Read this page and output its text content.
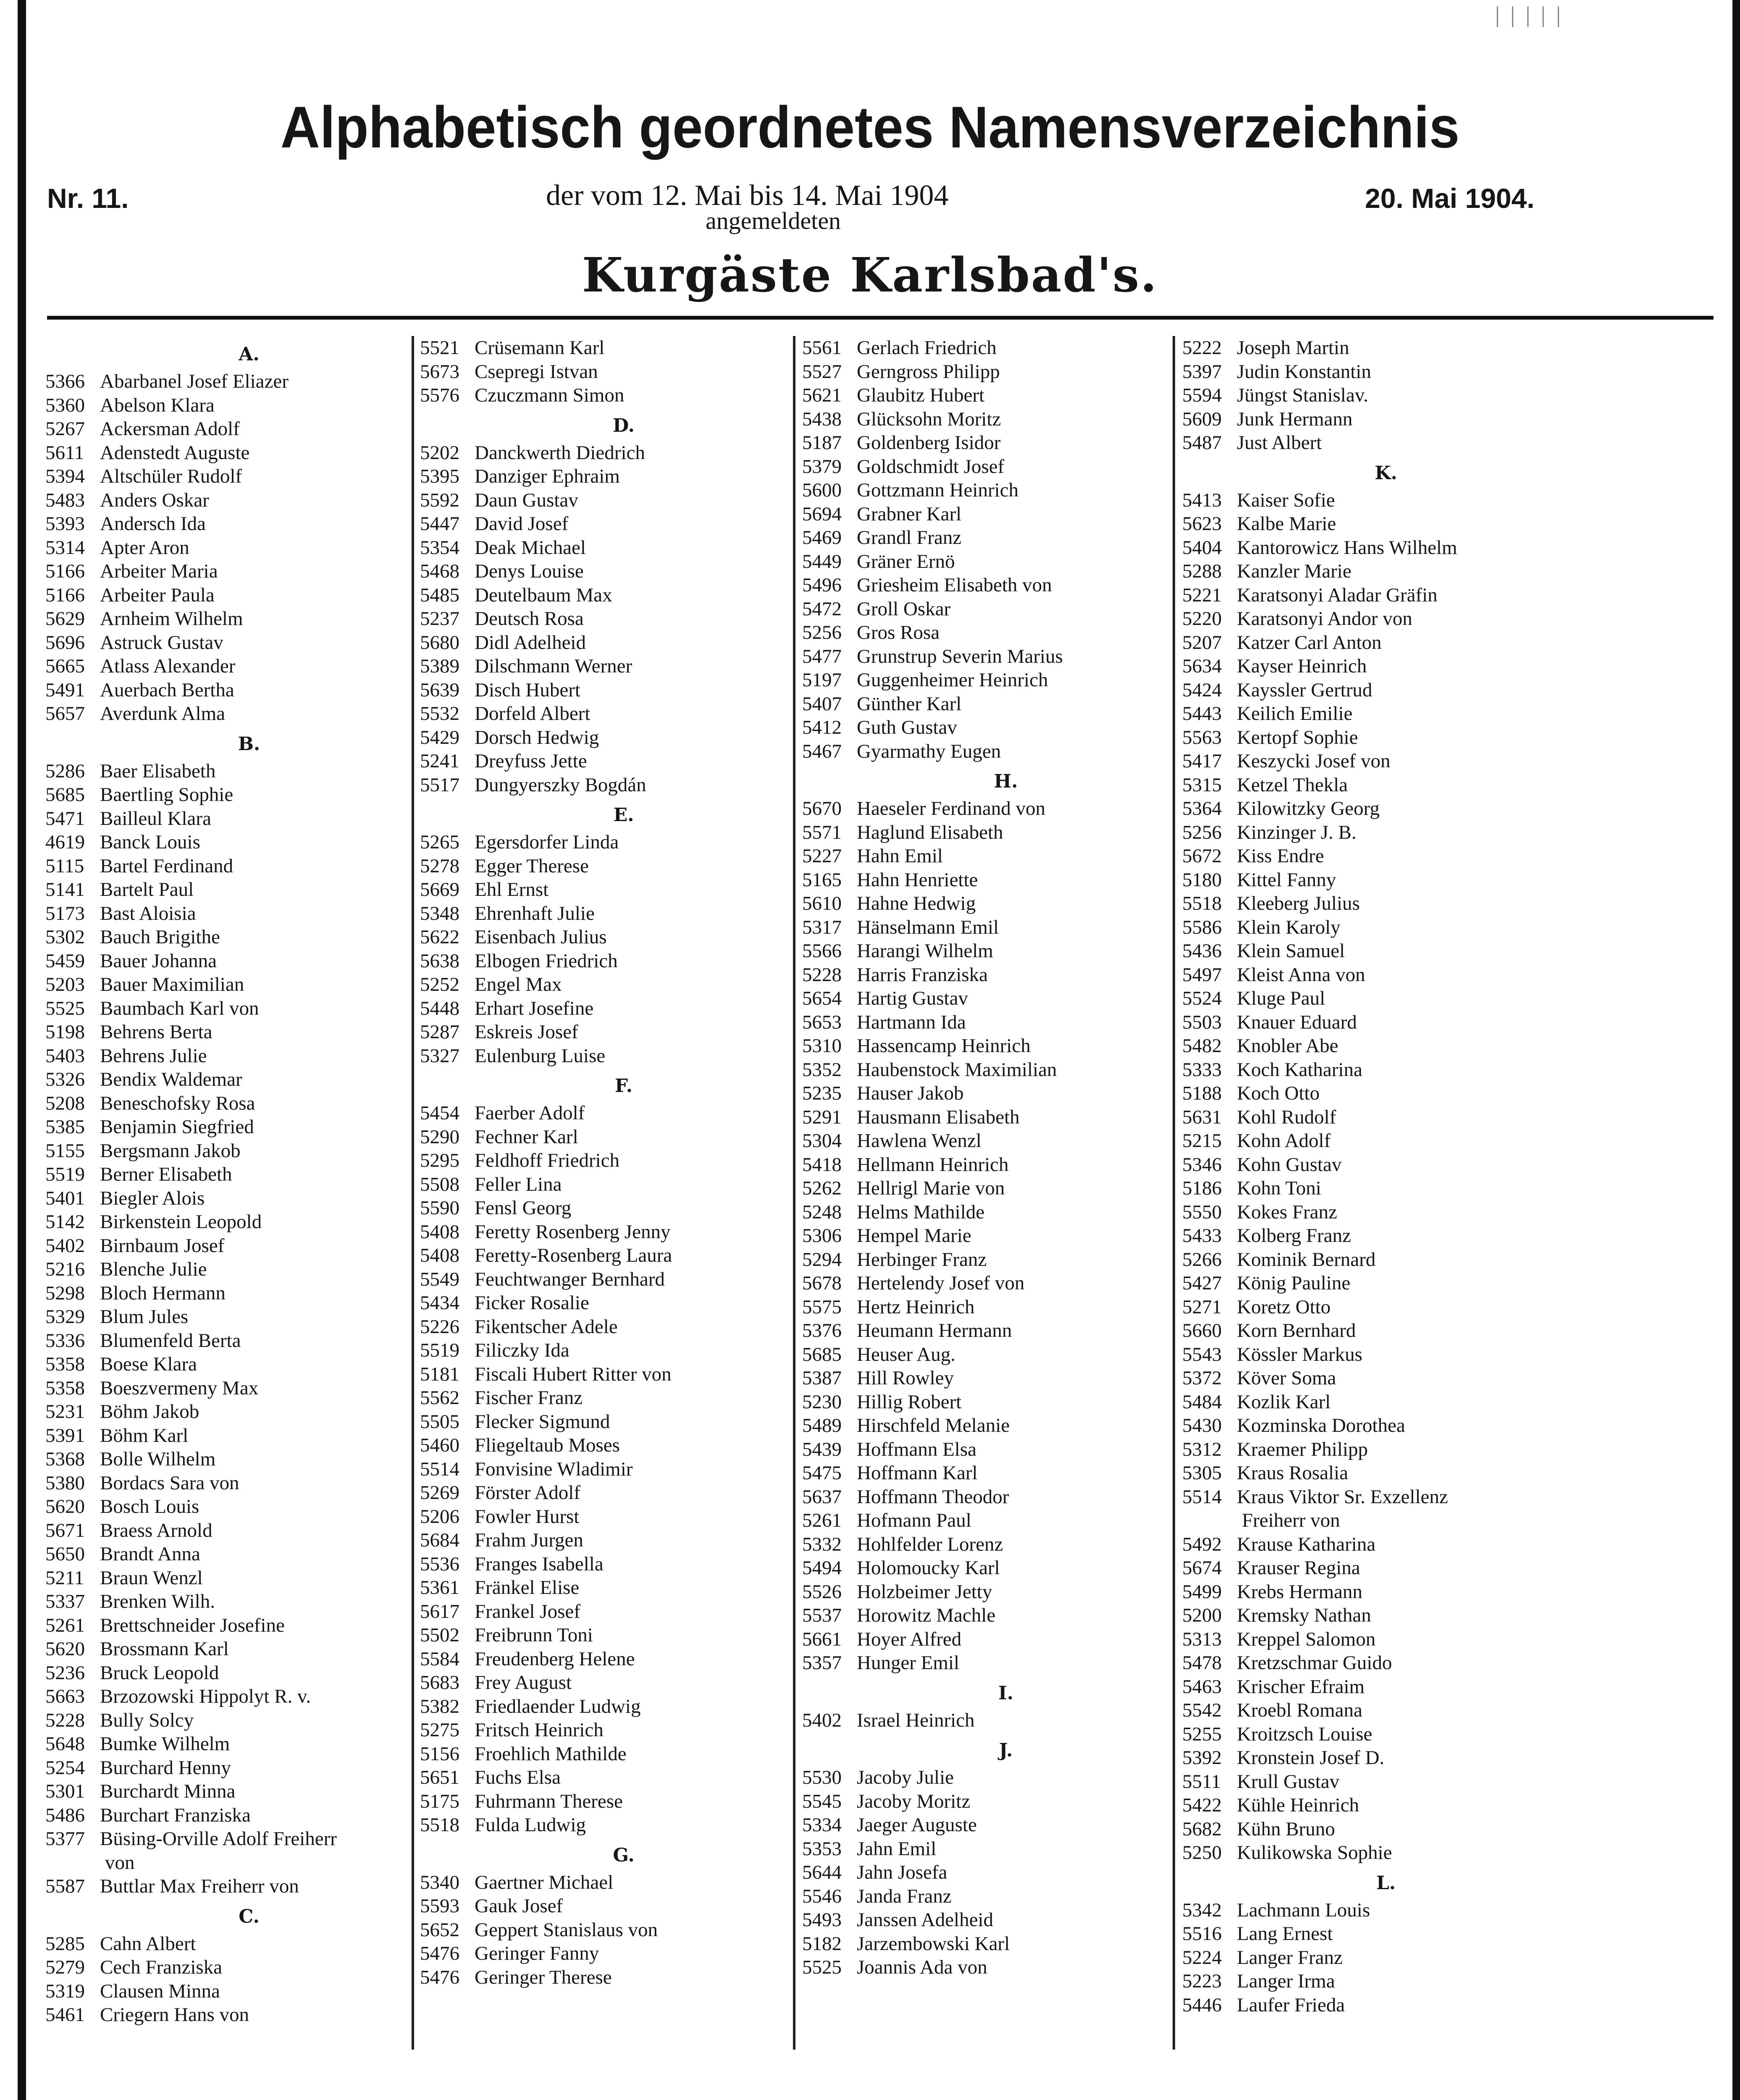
| | | | |
Alphabetisch geordnetes Namensverzeichnis
Nr. 11.	der vom 12. Mai bis 14. Mai 1904
angemeldeten
20. Mai 1904.
Kurgäste Karlsbad's.
A.
5366 Abarbanel Josef Eliazer
5360 Abelson Klara
5267 Ackersman Adolf
5611 Adenstedt Auguste
5394 Altschüler Rudolf
5483 Anders Oskar
5393 Andersch Ida
5314 Apter Aron
5166 Arbeiter Maria
5166 Arbeiter Paula
5629 Arnheim Wilhelm
5696 Astruck Gustav
5665 Atlass Alexander
5491 Auerbach Bertha
5657 Averdunk Alma
B.
5286 Baer Elisabeth
5685 Baertling Sophie
5471 Bailleul Klara
4619 Banck Louis
5115 Bartel Ferdinand
5141 Bartelt Paul
5173 Bast Aloisia
5302 Bauch Brigithe
5459 Bauer Johanna
5203 Bauer Maximilian
5525 Baumbach Karl von
5198 Behrens Berta
5403 Behrens Julie
5326 Bendix Waldemar
5208 Beneschofsky Rosa
5385 Benjamin Siegfried
5155 Bergsmann Jakob
5519 Berner Elisabeth
5401 Biegler Alois
5142 Birkenstein Leopold
5402 Birnbaum Josef
5216 Blenche Julie
5298 Bloch Hermann
5329 Blum Jules
5336 Blumenfeld Berta
5358 Boese Klara
5358 Boeszvermeny Max
5231 Böhm Jakob
5391 Böhm Karl
5368 Bolle Wilhelm
5380 Bordacs Sara von
5620 Bosch Louis
5671 Braess Arnold
5650 Brandt Anna
5211 Braun Wenzl
5337 Brenken Wilh.
5261 Brettschneider Josefine
5620 Brossmann Karl
5236 Bruck Leopold
5663 Brzozowski Hippolyt R. v.
5228 Bully Solcy
5648 Bumke Wilhelm
5254 Burchard Henny
5301 Burchardt Minna
5486 Burchart Franziska
5377 Büsing-Orville Adolf Freiherr
von
5587 Buttlar Max Freiherr von
C.
5285 Cahn Albert
5279 Cech Franziska
5319 Clausen Minna
5461 Criegern Hans von
5521 Crüsemann Karl
5673 Csepregi Istvan
5576 Czuczmann Simon
D.
5202 Danckwerth Diedrich
5395 Danziger Ephraim
5592 Daun Gustav
5447 David Josef
5354 Deak Michael
5468 Denys Louise
5485 Deutelbaum Max
5237 Deutsch Rosa
5680 Didl Adelheid
5389 Dilschmann Werner
5639 Disch Hubert
5532 Dorfeld Albert
5429 Dorsch Hedwig
5241 Dreyfuss Jette
5517 Dungyerszky Bogdán
E.
5265 Egersdorfer Linda
5278 Egger Therese
5669 Ehl Ernst
5348 Ehrenhaft Julie
5622 Eisenbach Julius
5638 Elbogen Friedrich
5252 Engel Max
5448 Erhart Josefine
5287 Eskreis Josef
5327 Eulenburg Luise
F.
5454 Faerber Adolf
5290 Fechner Karl
5295 Feldhoff Friedrich
5508 Feller Lina
5590 Fensl Georg
5408 Feretty Rosenberg Jenny
5408 Feretty-Rosenberg Laura
5549 Feuchtwanger Bernhard
5434 Ficker Rosalie
5226 Fikentscher Adele
5519 Filiczky Ida
5181 Fiscali Hubert Ritter von
5562 Fischer Franz
5505 Flecker Sigmund
5460 Fliegeltaub Moses
5514 Fonvisine Wladimir
5269 Förster Adolf
5206 Fowler Hurst
5684 Frahm Jurgen
5536 Franges Isabella
5361 Fränkel Elise
5617 Frankel Josef
5502 Freibrunn Toni
5584 Freudenberg Helene
5683 Frey August
5382 Friedlaender Ludwig
5275 Fritsch Heinrich
5156 Froehlich Mathilde
5651 Fuchs Elsa
5175 Fuhrmann Therese
5518 Fulda Ludwig
G.
5340 Gaertner Michael
5593 Gauk Josef
5652 Geppert Stanislaus von
5476 Geringer Fanny
5476 Geringer Therese
5561 Gerlach Friedrich
5527 Gerngross Philipp
5621 Glaubitz Hubert
5438 Glücksohn Moritz
5187 Goldenberg Isidor
5379 Goldschmidt Josef
5600 Gottzmann Heinrich
5694 Grabner Karl
5469 Grandl Franz
5449 Gräner Ernö
5496 Griesheim Elisabeth von
5472 Groll Oskar
5256 Gros Rosa
5477 Grunstrup Severin Marius
5197 Guggenheimer Heinrich
5407 Günther Karl
5412 Guth Gustav
5467 Gyarmathy Eugen
H.
5670 Haeseler Ferdinand von
5571 Haglund Elisabeth
5227 Hahn Emil
5165 Hahn Henriette
5610 Hahne Hedwig
5317 Hänselmann Emil
5566 Harangi Wilhelm
5228 Harris Franziska
5654 Hartig Gustav
5653 Hartmann Ida
5310 Hassencamp Heinrich
5352 Haubenstock Maximilian
5235 Hauser Jakob
5291 Hausmann Elisabeth
5304 Hawlena Wenzl
5418 Hellmann Heinrich
5262 Hellrigl Marie von
5248 Helms Mathilde
5306 Hempel Marie
5294 Herbinger Franz
5678 Hertelendy Josef von
5575 Hertz Heinrich
5376 Heumann Hermann
5685 Heuser Aug.
5387 Hill Rowley
5230 Hillig Robert
5489 Hirschfeld Melanie
5439 Hoffmann Elsa
5475 Hoffmann Karl
5637 Hoffmann Theodor
5261 Hofmann Paul
5332 Hohlfelder Lorenz
5494 Holomoucky Karl
5526 Holzbeimer Jetty
5537 Horowitz Machle
5661 Hoyer Alfred
5357 Hunger Emil
I.
5402 Israel Heinrich
J.
5530 Jacoby Julie
5545 Jacoby Moritz
5334 Jaeger Auguste
5353 Jahn Emil
5644 Jahn Josefa
5546 Janda Franz
5493 Janssen Adelheid
5182 Jarzembowski Karl
5525 Joannis Ada von
5222 Joseph Martin
5397 Judin Konstantin
5594 Jüngst Stanislav.
5609 Junk Hermann
5487 Just Albert
K.
5413 Kaiser Sofie
5623 Kalbe Marie
5404 Kantorowicz Hans Wilhelm
5288 Kanzler Marie
5221 Karatsonyi Aladar Gräfin
5220 Karatsonyi Andor von
5207 Katzer Carl Anton
5634 Kayser Heinrich
5424 Kayssler Gertrud
5443 Keilich Emilie
5563 Kertopf Sophie
5417 Keszycki Josef von
5315 Ketzel Thekla
5364 Kilowitzky Georg
5256 Kinzinger J. B.
5672 Kiss Endre
5180 Kittel Fanny
5518 Kleeberg Julius
5586 Klein Karoly
5436 Klein Samuel
5497 Kleist Anna von
5524 Kluge Paul
5503 Knauer Eduard
5482 Knobler Abe
5333 Koch Katharina
5188 Koch Otto
5631 Kohl Rudolf
5215 Kohn Adolf
5346 Kohn Gustav
5186 Kohn Toni
5550 Kokes Franz
5433 Kolberg Franz
5266 Kominik Bernard
5427 König Pauline
5271 Koretz Otto
5660 Korn Bernhard
5543 Kössler Markus
5372 Köver Soma
5484 Kozlik Karl
5430 Kozminska Dorothea
5312 Kraemer Philipp
5305 Kraus Rosalia
5514 Kraus Viktor Sr. Exzellenz
Freiherr von
5492 Krause Katharina
5674 Krauser Regina
5499 Krebs Hermann
5200 Kremsky Nathan
5313 Kreppel Salomon
5478 Kretzschmar Guido
5463 Krischer Efraim
5542 Kroebl Romana
5255 Kroitzsch Louise
5392 Kronstein Josef D.
5511 Krull Gustav
5422 Kühle Heinrich
5682 Kühn Bruno
5250 Kulikowska Sophie
L.
5342 Lachmann Louis
5516 Lang Ernest
5224 Langer Franz
5223 Langer Irma
5446 Laufer Frieda
